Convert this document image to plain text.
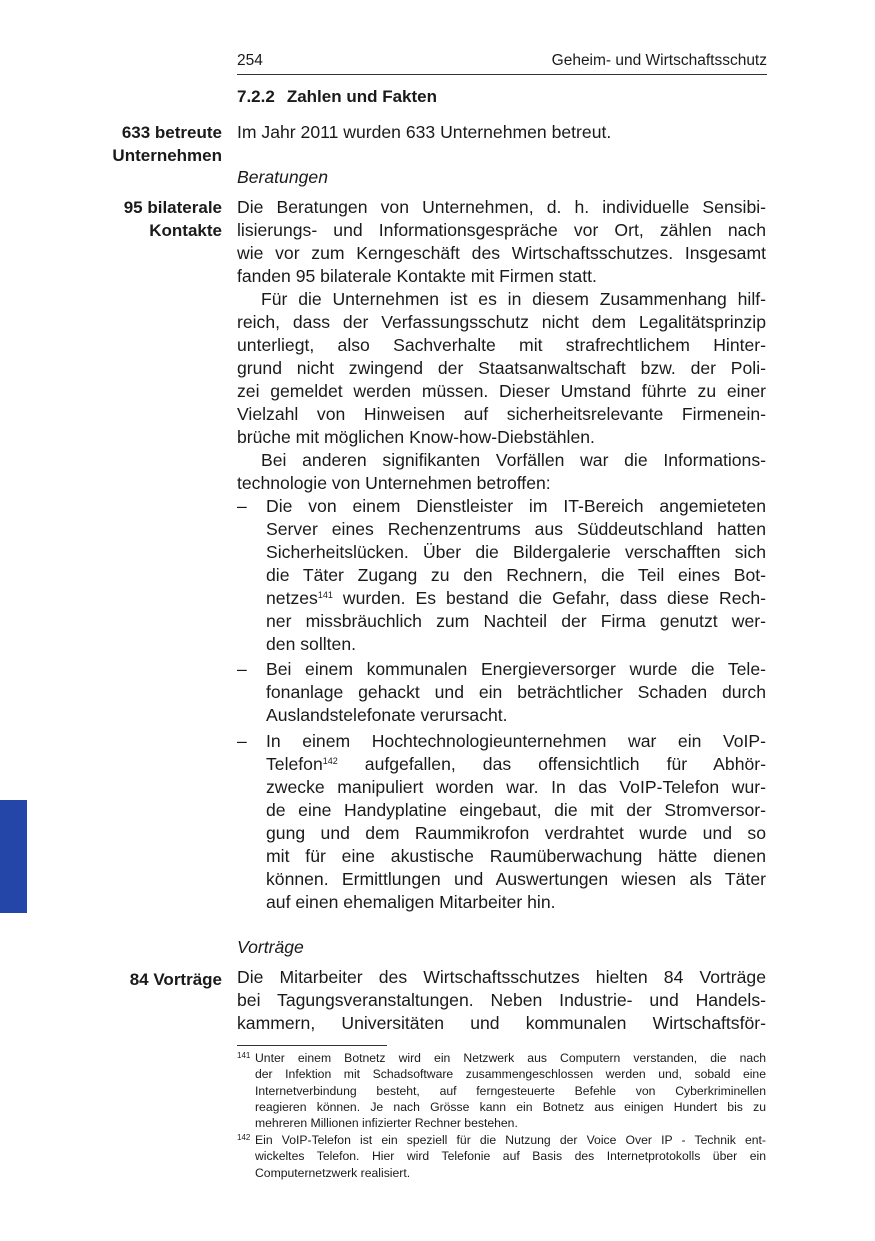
254	Geheim- und Wirtschaftsschutz
7.2.2 Zahlen und Fakten
633 betreute
Unternehmen
Im Jahr 2011 wurden 633 Unternehmen betreut.
Beratungen
95 bilaterale
Kontakte
Die Beratungen von Unternehmen, d. h. individuelle Sensibi-
lisierungs- und Informationsgespräche vor Ort, zählen nach
wie vor zum Kerngeschäft des Wirtschaftsschutzes. Insgesamt
fanden 95 bilaterale Kontakte mit Firmen statt.
Für die Unternehmen ist es in diesem Zusammenhang hilf-
reich, dass der Verfassungsschutz nicht dem Legalitätsprinzip
unterliegt, also Sachverhalte mit strafrechtlichem Hinter-
grund nicht zwingend der Staatsanwaltschaft bzw. der Poli-
zei gemeldet werden müssen. Dieser Umstand führte zu einer
Vielzahl von Hinweisen auf sicherheitsrelevante Firmenein-
brüche mit möglichen Know-how-Diebstählen.
Bei anderen signifikanten Vorfällen war die Informations-
technologie von Unternehmen betroffen:
–	Die von einem Dienstleister im IT-Bereich angemieteten
Server eines Rechenzentrums aus Süddeutschland hatten
Sicherheitslücken. Über die Bildergalerie verschafften sich
die Täter Zugang zu den Rechnern, die Teil eines Bot-
netzes$^{141}$ wurden. Es bestand die Gefahr, dass diese Rech-
ner missbräuchlich zum Nachteil der Firma genutzt wer-
den sollten.
–	Bei einem kommunalen Energieversorger wurde die Tele-
fonanlage gehackt und ein beträchtlicher Schaden durch
Auslandstelefonate verursacht.
–	In einem Hochtechnologieunternehmen war ein VoIP-
Telefon$^{142}$ aufgefallen, das offensichtlich für Abhör-
zwecke manipuliert worden war. In das VoIP-Telefon wur-
de eine Handyplatine eingebaut, die mit der Stromversor-
gung und dem Raummikrofon verdrahtet wurde und so
mit für eine akustische Raumüberwachung hätte dienen
können. Ermittlungen und Auswertungen wiesen als Täter
auf einen ehemaligen Mitarbeiter hin.
Vorträge
84 Vorträge Die Mitarbeiter des Wirtschaftsschutzes hielten 84 Vorträge
bei Tagungsveranstaltungen. Neben Industrie- und Handels-
kammern, Universitäten und kommunalen Wirtschaftsför-
141 Unter einem Botnetz wird ein Netzwerk aus Computern verstanden, die nach
der Infektion mit Schadsoftware zusammengeschlossen werden und, sobald eine
Internetverbindung besteht, auf ferngesteuerte Befehle von Cyberkriminellen
reagieren können. Je nach Grösse kann ein Botnetz aus einigen Hundert bis zu
mehreren Millionen infizierter Rechner bestehen.
142 Ein VoIP-Telefon ist ein speziell für die Nutzung der Voice Over IP - Technik ent-
wickeltes Telefon. Hier wird Telefonie auf Basis des Internetprotokolls über ein
Computernetzwerk realisiert.
